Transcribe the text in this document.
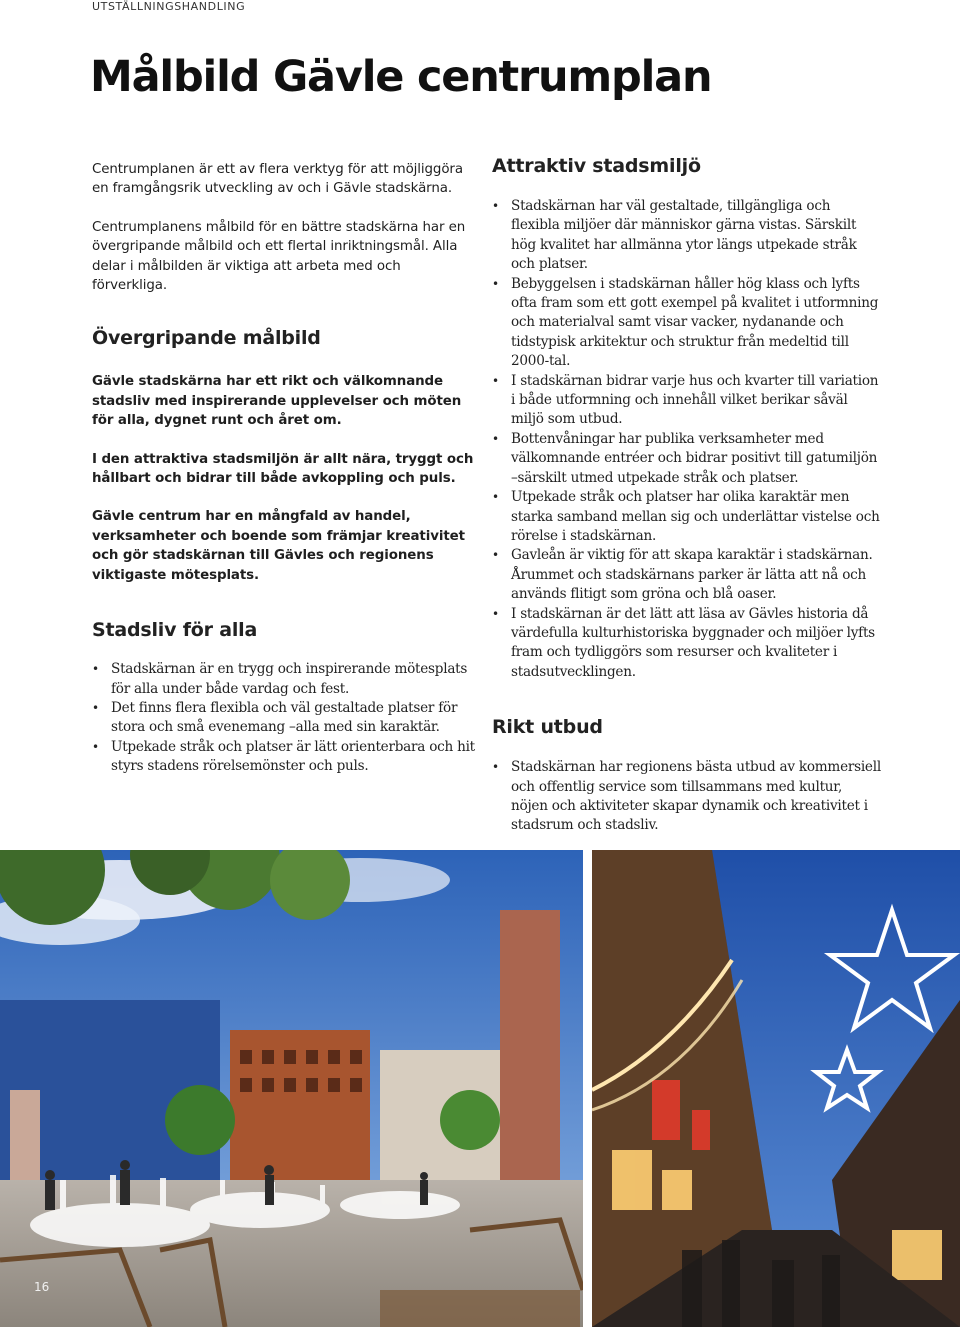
UTSTÄLLNINGSHANDLING
Målbild Gävle centrumplan

Centrumplanen är ett av flera verktyg för att möjliggöra en framgångsrik utveckling av och i Gävle stadskärna.

Centrumplanens målbild för en bättre stadskärna har en övergripande målbild och ett flertal inriktningsmål. Alla delar i målbilden är viktiga att arbeta med och förverkliga.

Övergripande målbild

Gävle stadskärna har ett rikt och välkomnande stadsliv med inspirerande upplevelser och möten för alla, dygnet runt och året om.

I den attraktiva stadsmiljön är allt nära, tryggt och hållbart och bidrar till både avkoppling och puls.

Gävle centrum har en mångfald av handel, verksamheter och boende som främjar kreativitet och gör stadskärnan till Gävles och regionens viktigaste mötesplats.

Stadsliv för alla
• Stadskärnan är en trygg och inspirerande mötesplats för alla under både vardag och fest.
• Det finns flera flexibla och väl gestaltade platser för stora och små evenemang –alla med sin karaktär.
• Utpekade stråk och platser är lätt orienterbara och hit styrs stadens rörelsemönster och puls.
Attraktiv stadsmiljö
• Stadskärnan har väl gestaltade, tillgängliga och flexibla miljöer där människor gärna vistas. Särskilt hög kvalitet har allmänna ytor längs utpekade stråk och platser.
• Bebyggelsen i stadskärnan håller hög klass och lyfts ofta fram som ett gott exempel på kvalitet i utformning och materialval samt visar vacker, nydanande och tidstypisk arkitektur och struktur från medeltid till 2000-tal.
• I stadskärnan bidrar varje hus och kvarter till variation i både utformning och innehåll vilket berikar såväl miljö som utbud.
• Bottenvåningar har publika verksamheter med välkomnande entréer och bidrar positivt till gatumiljön –särskilt utmed utpekade stråk och platser.
• Utpekade stråk och platser har olika karaktär men starka samband mellan sig och underlättar vistelse och rörelse i stadskärnan.
• Gavleån är viktig för att skapa karaktär i stadskärnan. Årummet och stadskärnans parker är lätta att nå och används flitigt som gröna och blå oaser.
• I stadskärnan är det lätt att läsa av Gävles historia då värdefulla kulturhistoriska byggnader och miljöer lyfts fram och tydliggörs som resurser och kvaliteter i stadsutvecklingen.
Rikt utbud
• Stadskärnan har regionens bästa utbud av kommersiell och offentlig service som tillsammans med kultur, nöjen och aktiviteter skapar dynamik och kreativitet i stadsrum och stadsliv.
16
